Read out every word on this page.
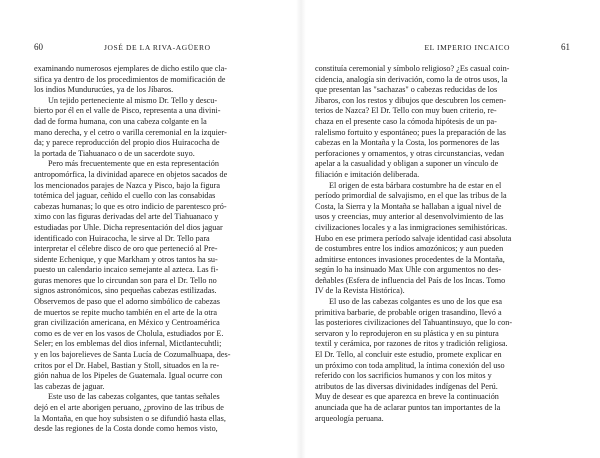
60	JOSÉ DE LA RIVA-AGÜERO
examinando numerosos ejemplares de dicho estilo que cla-
sifica ya dentro de los procedimientos de momificación de
los indios Mundurucúes, ya de los Jíbaros.
Un tejido perteneciente al mismo Dr. Tello y descu-
bierto por él en el valle de Pisco, representa a una divini-
dad de forma humana, con una cabeza colgante en la
mano derecha, y el cetro o varilla ceremonial en la izquier-
da; y parece reproducción del propio dios Huiracocha de
la portada de Tiahuanaco o de un sacerdote suyo.
Pero más frecuentemente que en esta representación
antropomórfica, la divinidad aparece en objetos sacados de
los mencionados parajes de Nazca y Pisco, bajo la figura
totémica del jaguar, ceñido el cuello con las consabidas
cabezas humanas; lo que es otro indicio de parentesco pró-
ximo con las figuras derivadas del arte del Tiahuanaco y
estudiadas por Uhle. Dicha representación del dios jaguar
identificado con Huiracocha, le sirve al Dr. Tello para
interpretar el célebre disco de oro que perteneció al Pre-
sidente Echenique, y que Markham y otros tantos ha su-
puesto un calendario incaico semejante al azteca. Las fi-
guras menores que lo circundan son para el Dr. Tello no
signos astronómicos, sino pequeñas cabezas estilizadas.
Observemos de paso que el adorno simbólico de cabezas
de muertos se repite mucho también en el arte de la otra
gran civilización americana, en México y Centroamérica
como es de ver en los vasos de Cholula, estudiados por E.
Seler; en los emblemas del dios infernal, Mictlantecuhtli;
y en los bajorelieves de Santa Lucía de Cozumalhuapa, des-
critos por el Dr. Habel, Bastian y Stoll, situados en la re-
gión nahua de los Pipeles de Guatemala. Igual ocurre con
las cabezas de jaguar.
Este uso de las cabezas colgantes, que tantas señales
dejó en el arte aborigen peruano, ¿provino de las tribus de
la Montaña, en que hoy subsisten o se difundió hasta ellas,
desde las regiones de la Costa donde como hemos visto,
EL IMPERIO INCAICO	61
constituía ceremonial y símbolo religioso? ¿Es casual coin-
cidencia, analogía sin derivación, como la de otros usos, la
que presentan las "sachazas" o cabezas reducidas de los
Jíbaros, con los restos y dibujos que descubren los cemen-
terios de Nazca? El Dr. Tello con muy buen criterio, re-
chaza en el presente caso la cómoda hipótesis de un pa-
ralelismo fortuito y espontáneo; pues la preparación de las
cabezas en la Montaña y la Costa, los pormenores de las
perforaciones y ornamentos, y otras circunstancias, vedan
apelar a la casualidad y obligan a suponer un vínculo de
filiación e imitación deliberada.
El origen de esta bárbara costumbre ha de estar en el
período primordial de salvajismo, en el que las tribus de la
Costa, la Sierra y la Montaña se hallaban a igual nivel de
usos y creencias, muy anterior al desenvolvimiento de las
civilizaciones locales y a las inmigraciones semihistóricas.
Hubo en ese primera período salvaje identidad casi absoluta
de costumbres entre los indios amozónicos; y aun pueden
admitirse entonces invasiones procedentes de la Montaña,
según lo ha insinuado Max Uhle con argumentos no des-
deñables (Esfera de influencia del País de los Incas. Tomo
IV de la Revista Histórica).
El uso de las cabezas colgantes es uno de los que esa
primitiva barbarie, de probable origen trasandino, llevó a
las posteriores civilizaciones del Tahuantinsuyo, que lo con-
servaron y lo reprodujeron en su plástica y en su pintura
textil y cerámica, por razones de ritos y tradición religiosa.
El Dr. Tello, al concluir este estudio, promete explicar en
un próximo con toda amplitud, la íntima conexión del uso
referido con los sacrificios humanos y con los mitos y
atributos de las diversas divinidades indígenas del Perú.
Muy de desear es que aparezca en breve la continuación
anunciada que ha de aclarar puntos tan importantes de la
arqueología peruana.
